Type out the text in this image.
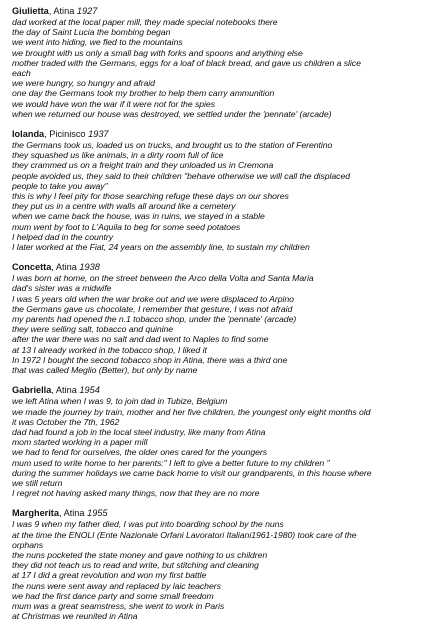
Giulietta, Atina 1927
dad worked at the local paper mill, they made special notebooks there
the day of Saint Lucia the bombing began
we went into hiding, we fled to the mountains
we brought with us only a small bag with forks and spoons and anything else
mother traded with the Germans, eggs for a loaf of black bread, and gave us children a slice
each
we were hungry, so hungry and afraid
one day the Germans took my brother to help them carry ammunition
we would have won the war if it were not for the spies
when we returned our house was destroyed, we settled under the 'pennate' (arcade)
Iolanda, Picinisco 1937
the Germans took us, loaded us on trucks, and brought us to the station of Ferentino
they squashed us like animals, in a dirty room full of lice
they crammed us on a freight train and they unloaded us in Cremona
people avoided us, they said to their children "behave otherwise we will call the displaced
people to take you away"
this is why I feel pity for those searching refuge these days on our shores
they put us in a centre with walls all around like a cemetery
when we came back the house, was in ruins, we stayed in a stable
mum went by foot to L'Aquila to beg for some seed potatoes
I helped dad in the country
I later worked at the Fiat, 24 years on the assembly line, to sustain my children
Concetta, Atina 1938
I was born at home, on the street between the Arco della Volta and Santa Maria
dad's sister was a midwife
I was 5 years old when the war broke out and we were displaced to Arpino
the Germans gave us chocolate, I remember that gesture, I was not afraid
my parents had opened the n.1 tobacco shop, under the 'pennate' (arcade)
they were selling salt, tobacco and quinine
after the war there was no salt and dad went to Naples to find some
at 13 I already worked in the tobacco shop, I liked it
In 1972 I bought the second tobacco shop in Atina, there was a third one
that was called Meglio (Better), but only by name
Gabriella, Atina 1954
we left Atina when I was 9, to join dad in Tubize, Belgium
we made the journey by train, mother and her five children, the youngest only eight months old
it was October the 7th, 1962
dad had found a job in the local steel industry, like many from Atina
mom started working in a paper mill
we had to fend for ourselves, the older ones cared for the youngers
mum used to write home to her parents:" I left to give a better future to my children "
during the summer holidays we came back home to visit our grandparents, in this house where
we still return
I regret not having asked many things, now that they are no more
Margherita, Atina 1955
I was 9 when my father died, I was put into boarding school by the nuns
at the time the ENOLI (Ente Nazionale Orfani Lavoratori Italiani1961-1980) took care of the
orphans
the nuns pocketed the state money and gave nothing to us children
they did not teach us to read and write, but stitching and cleaning
at 17 I did a great revolution and won my first battle
the nuns were sent away and replaced by laic teachers
we had the first dance party and some small freedom
mum was a great seamstress, she went to work in Paris
at Christmas we reunited in Atina
